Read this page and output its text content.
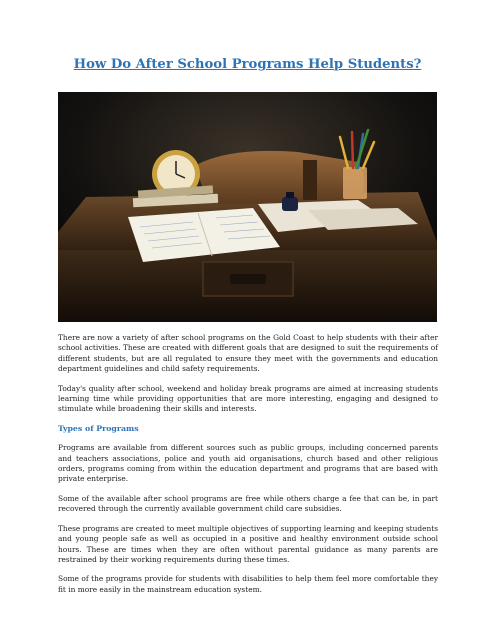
How Do After School Programs Help Students?

There are now a variety of after school programs on the Gold Coast to help students with their after school activities. These are created with different goals that are designed to suit the requirements of different students, but are all regulated to ensure they meet with the governments and education department guidelines and child safety requirements.

Today's quality after school, weekend and holiday break programs are aimed at increasing students learning time while providing opportunities that are more interesting, engaging and designed to stimulate while broadening their skills and interests.

Types of Programs

Programs are available from different sources such as public groups, including concerned parents and teachers associations, police and youth aid organisations, church based and other religious orders, programs coming from within the education department and programs that are based with private enterprise.

Some of the available after school programs are free while others charge a fee that can be, in part recovered through the currently available government child care subsidies.

These programs are created to meet multiple objectives of supporting learning and keeping students and young people safe as well as occupied in a positive and healthy environment outside school hours. These are times when they are often without parental guidance as many parents are restrained by their working requirements during these times.

Some of the programs provide for students with disabilities to help them feel more comfortable they fit in more easily in the mainstream education system.
